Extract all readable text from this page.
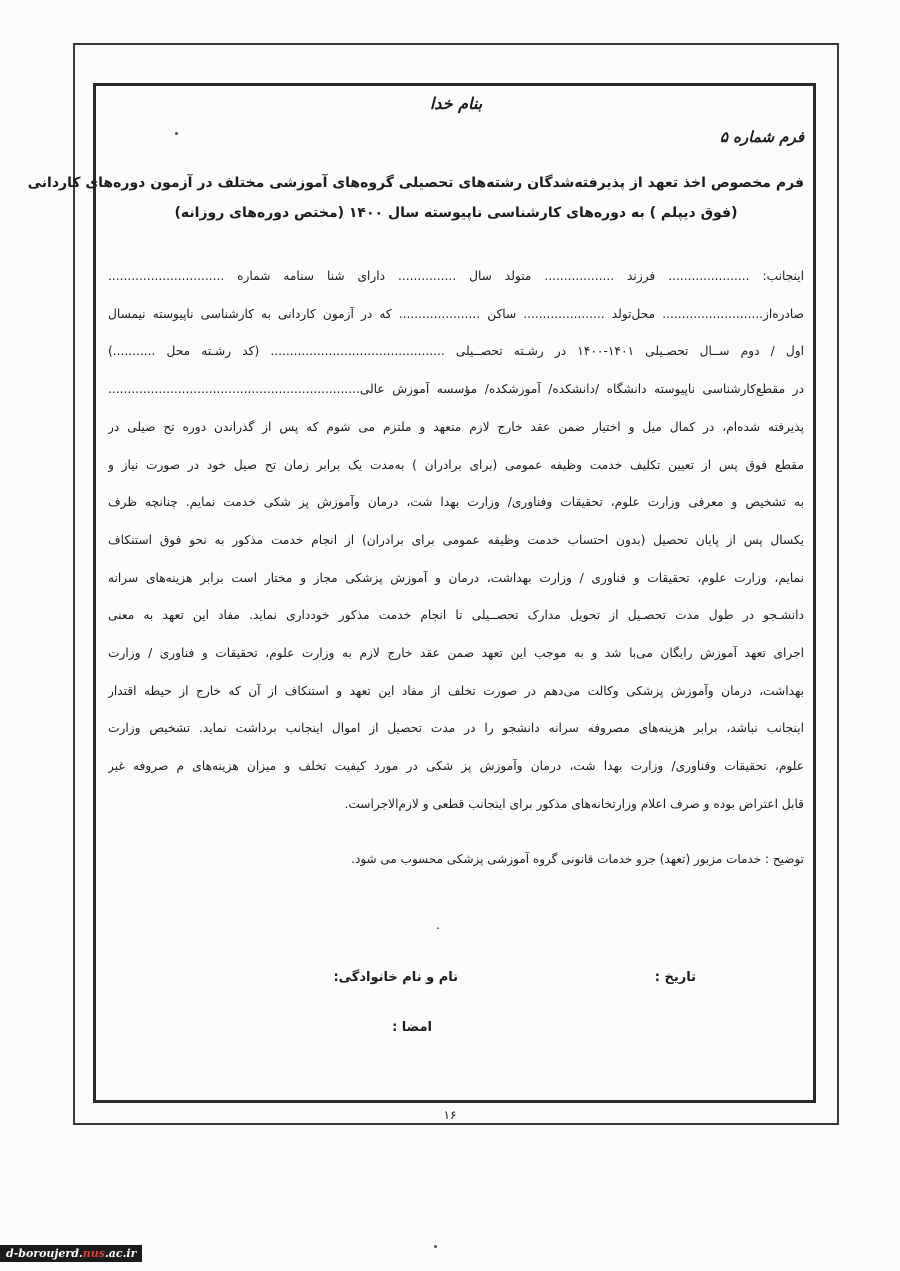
بنام خدا
فرم شماره ۵
فرم مخصوص اخذ تعهد از پذیرفته‌شدگان رشته‌های تحصیلی گروه‌های آموزشی مختلف در آزمون دوره‌های کاردانی
(فوق دیپلم ) به دوره‌های کارشناسی ناپیوسته سال ۱۴۰۰ (مختص دوره‌های روزانه)
اینجانب: ..................... فرزند .................. متولد سال ............... دارای شنا سنامه شماره ..............................
صادره‌از.......................... محل‌تولد ..................... ساکن ..................... که در آزمون کاردانی به کارشناسی ناپیوسته نیمسال
اول / دوم ســال تحصـیلی ۱۴۰۱-۱۴۰۰ در رشـته تحصــیلی ............................................. (کد رشـته محل ...........)
در مقطع‌کارشناسی ناپیوسته دانشگاه /دانشکده/ آموزشکده/ مؤسسه آموزش عالی.................................................................
پذیرفته شده‌ام، در کمال میل و اختیار ضمن عقد خارج لازم متعهد و ملتزم می شوم که پس از گذراندن دوره تح صیلی در
مقطع فوق پس از تعیین تکلیف خدمت وظیفه عمومی (برای برادران ) به‌مدت یک برابر زمان تح صیل خود در صورت نیاز و
به تشخیص و معرفی وزارت علوم، تحقیقات وفناوری/ وزارت بهدا شت، درمان وآموزش پز شکی خدمت نمایم. چنانچه ظرف
یکسال پس از پایان تحصیل (بدون احتساب خدمت وظیفه عمومی برای برادران) از انجام خدمت مذکور به نحو فوق استنکاف
نمایم، وزارت علوم، تحقیقات و فناوری / وزارت بهداشت، درمان و آموزش پزشکی مجاز و مختار است برابر هزینه‌های سرانه
دانشـجو در طول مدت تحصـیل از تحویل مدارک تحصــیلی تا انجام خدمت مذکور خودداری نماید. مفاد این تعهد به معنی
اجرای تعهد آموزش رایگان می‌با شد و به موجب این تعهد ضمن عقد خارج لازم به وزارت علوم، تحقیقات و فناوری / وزارت
بهداشت، درمان وآموزش پزشکی وکالت می‌دهم در صورت تخلف از مفاد این تعهد و استنکاف از آن که خارج از حیطه اقتدار
اینجانب نباشد، برابر هزینه‌های مصروفه سرانه دانشجو را در مدت تحصیل از اموال اینجانب برداشت نماید. تشخیص وزارت
علوم، تحقیقات وفناوری/ وزارت بهدا شت، درمان وآموزش پز شکی در مورد کیفیت تخلف و میزان هزینه‌های م صروفه غیر
قابل اعتراض بوده و صرف اعلام وزارتخانه‌های مذکور برای اینجانب قطعی و لازم‌الاجراست.
توضیح : خدمات مزبور (تعهد) جزو خدمات قانونی گروه آموزشی پزشکی محسوب می شود.
.
تاریخ :
نام و نام خانوادگی:
امضا :
۱۶
d-boroujerd.nus.ac.ir
